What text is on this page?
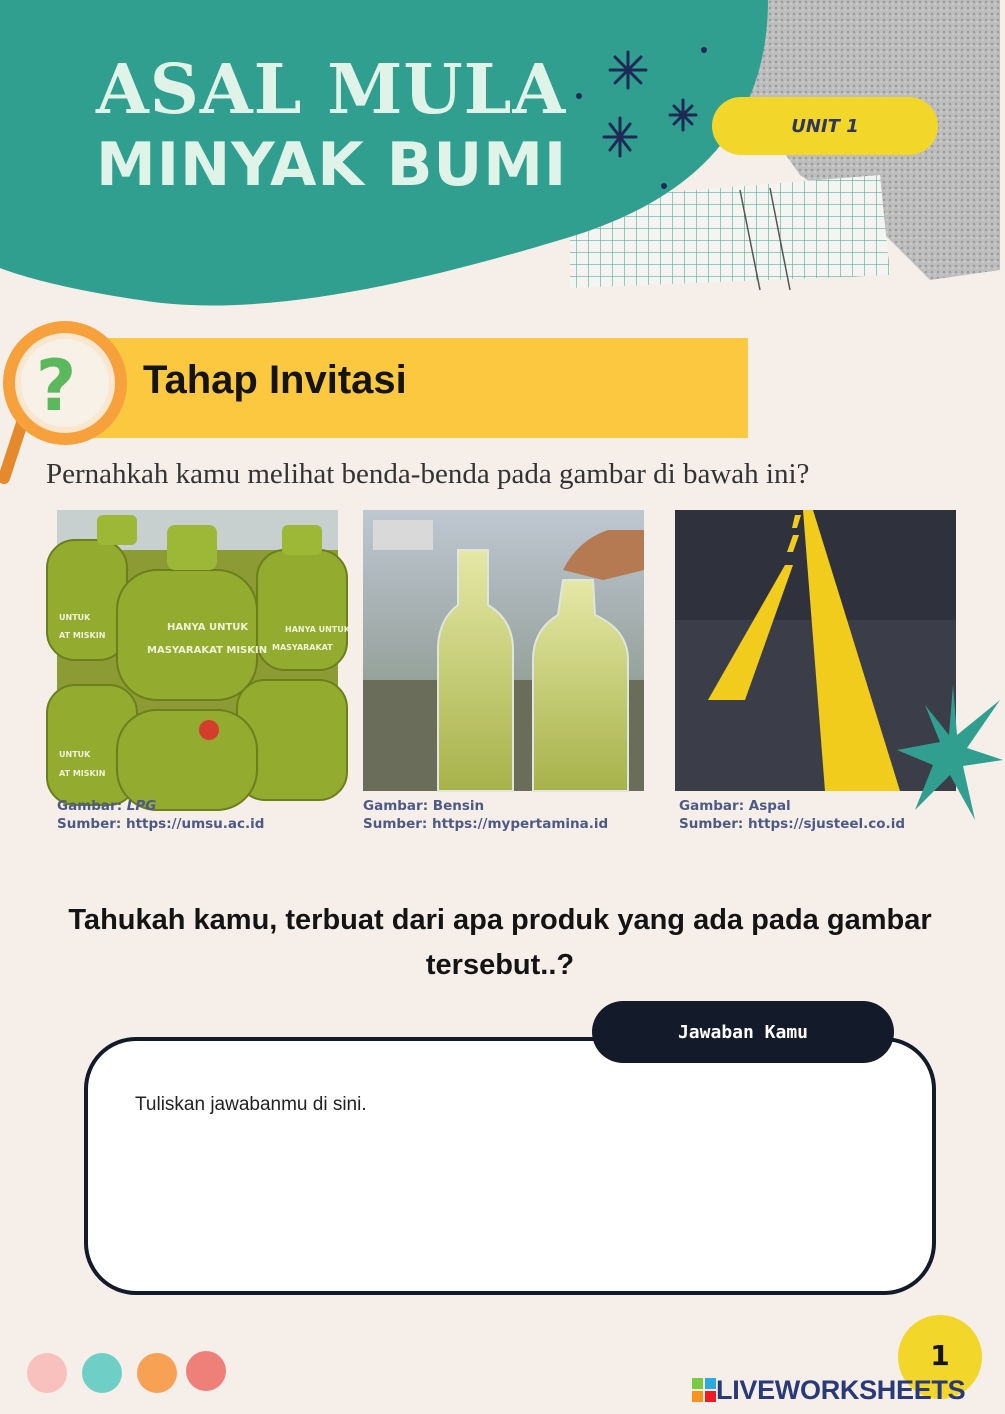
ASAL MULA
MINYAK BUMI
UNIT 1
? Tahap Invitasi
Pernahkah kamu melihat benda-benda pada gambar di bawah ini?
HANYA UNTUK
MASYARAKAT MISKIN
HANYA UNTUK
MASYARAKAT
UNTUK
AT MISKIN
UNTUK
AT MISKIN
Gambar: LPG
Sumber: https://umsu.ac.id
Gambar: Bensin
Sumber: https://mypertamina.id
Gambar: Aspal
Sumber: https://sjusteel.co.id
Tahukah kamu, terbuat dari apa produk yang ada pada gambar tersebut..?
Jawaban Kamu
Tuliskan jawabanmu di sini.
1
LIVEWORKSHEETS
